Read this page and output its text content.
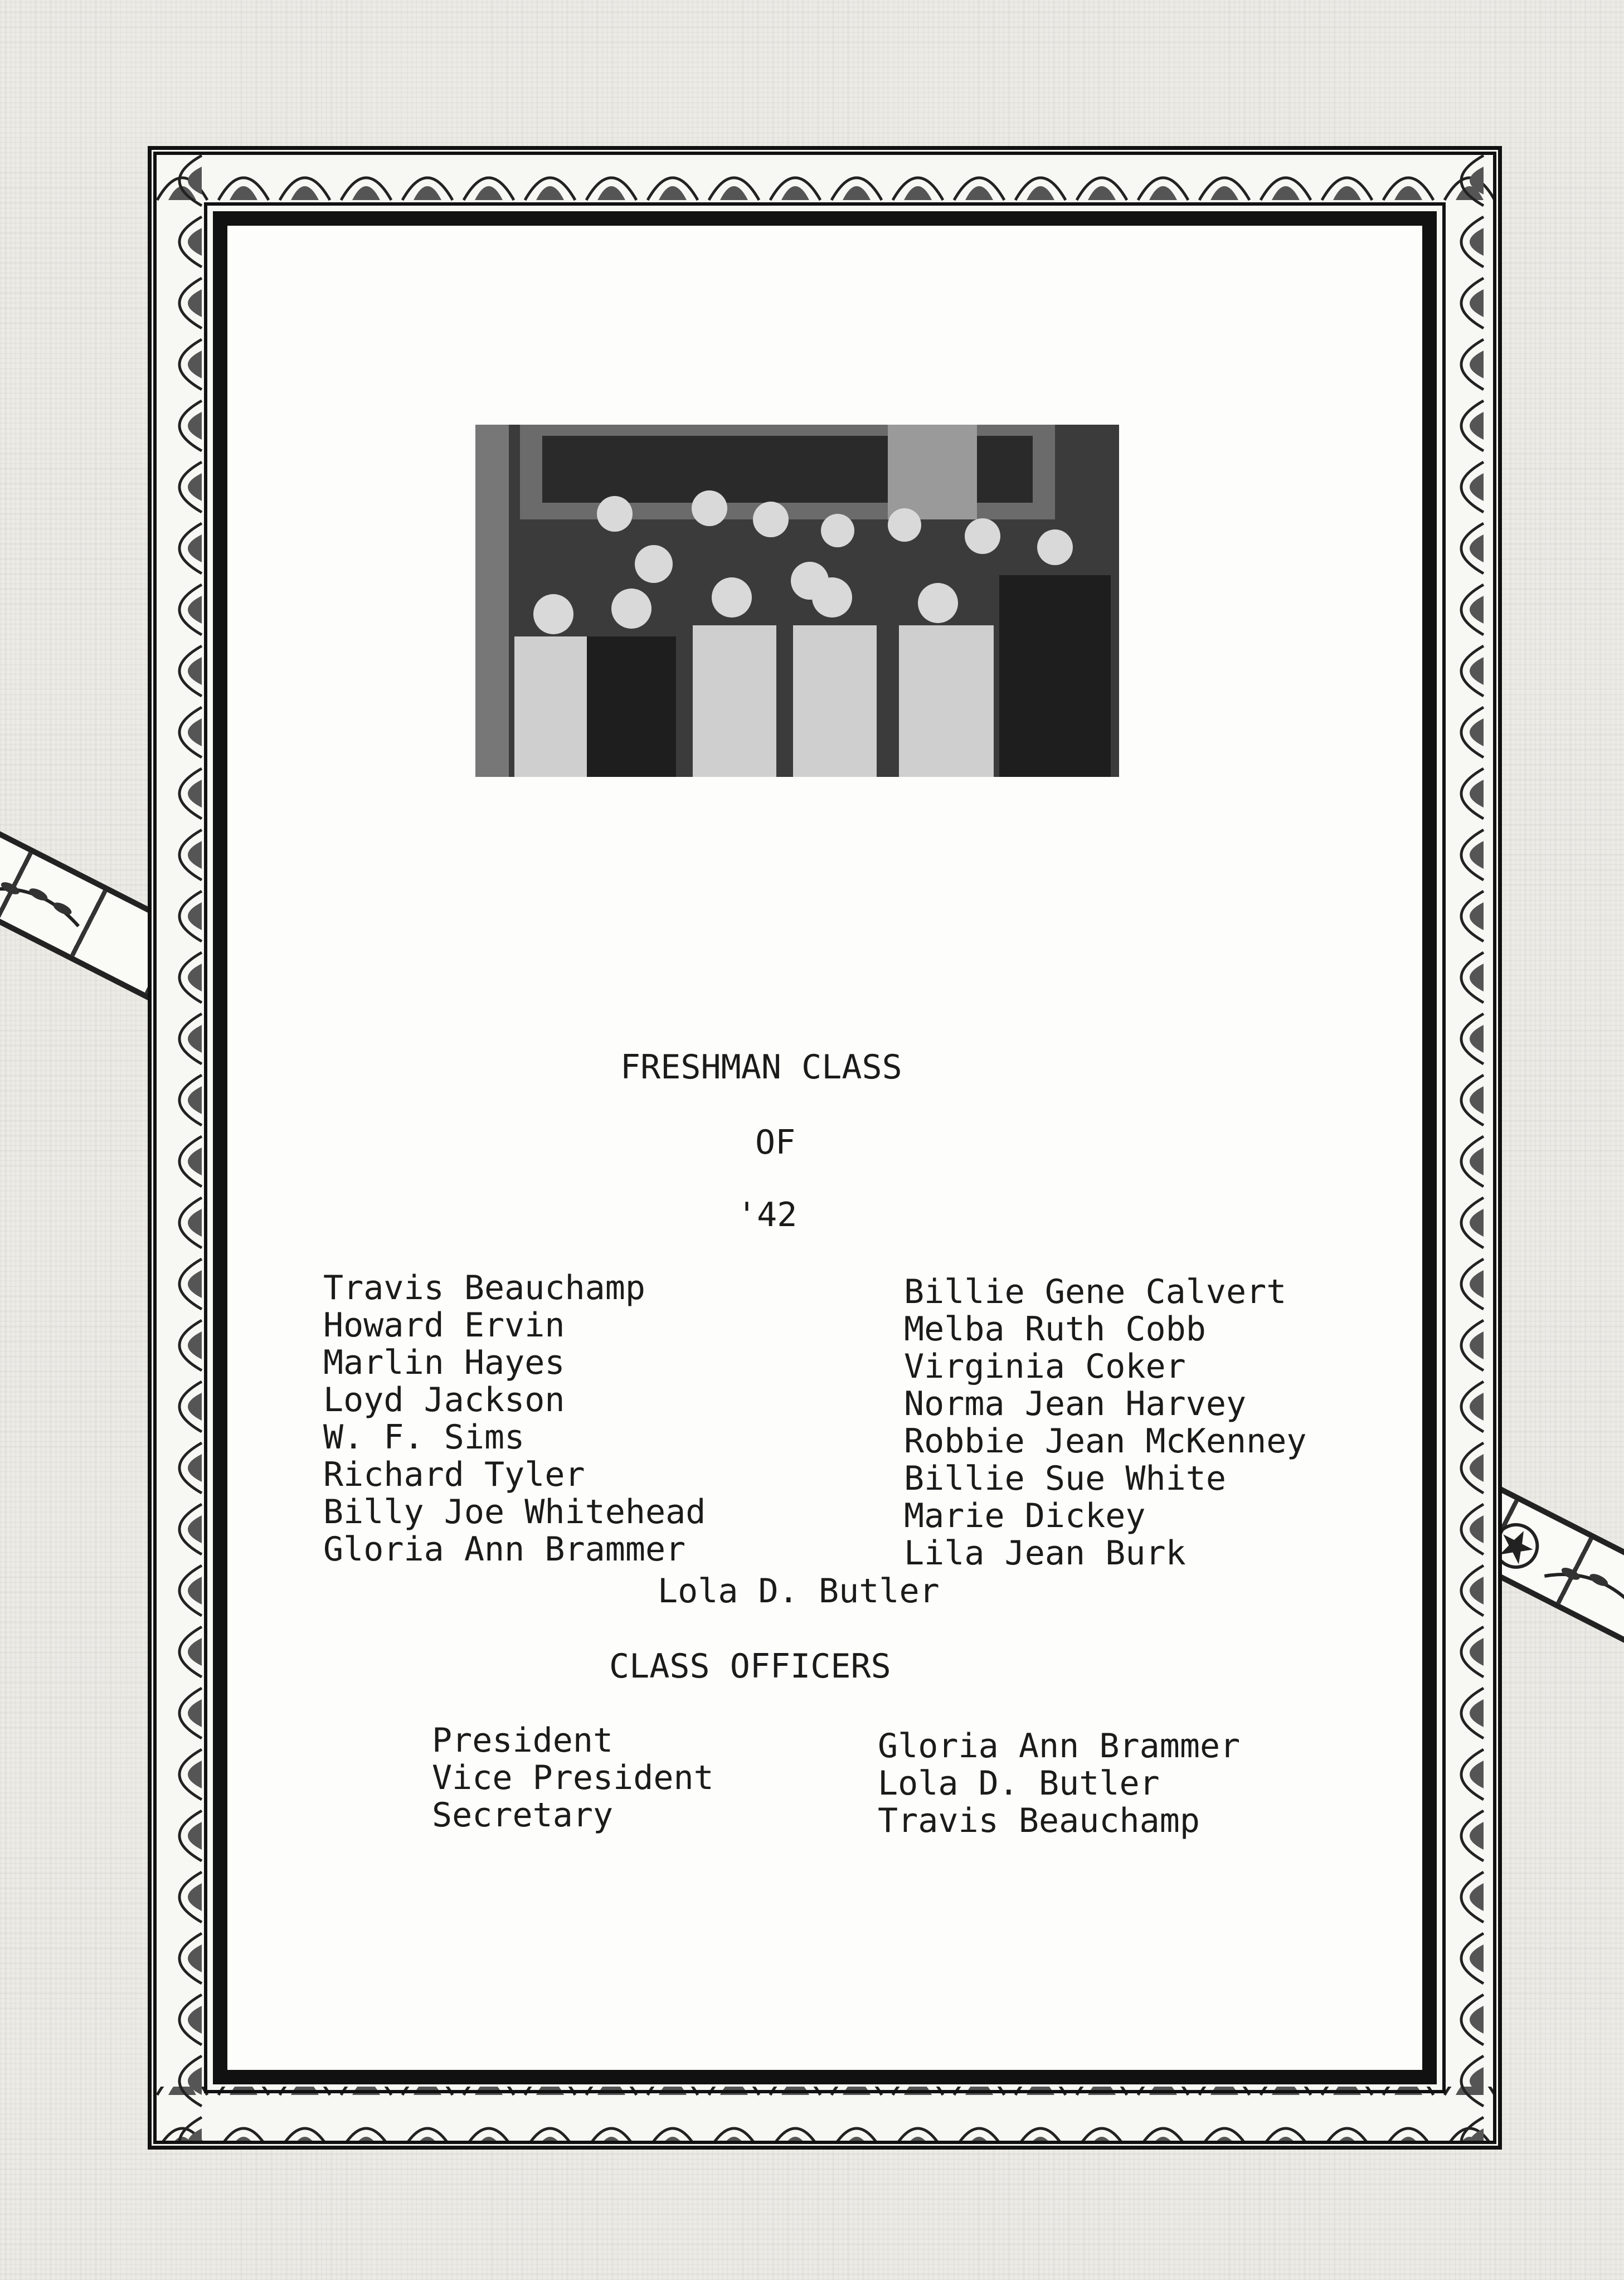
FRESHMAN CLASS

OF

'42

Travis Beauchamp
Howard Ervin
Marlin Hayes
Loyd Jackson
W. F. Sims
Richard Tyler
Billy Joe Whitehead
Gloria Ann Brammer
Billie Gene Calvert
Melba Ruth Cobb
Virginia Coker
Norma Jean Harvey
Robbie Jean McKenney
Billie Sue White
Marie Dickey
Lila Jean Burk

Lola D. Butler

CLASS OFFICERS

President
Vice President
Secretary
Gloria Ann Brammer
Lola D. Butler
Travis Beauchamp
